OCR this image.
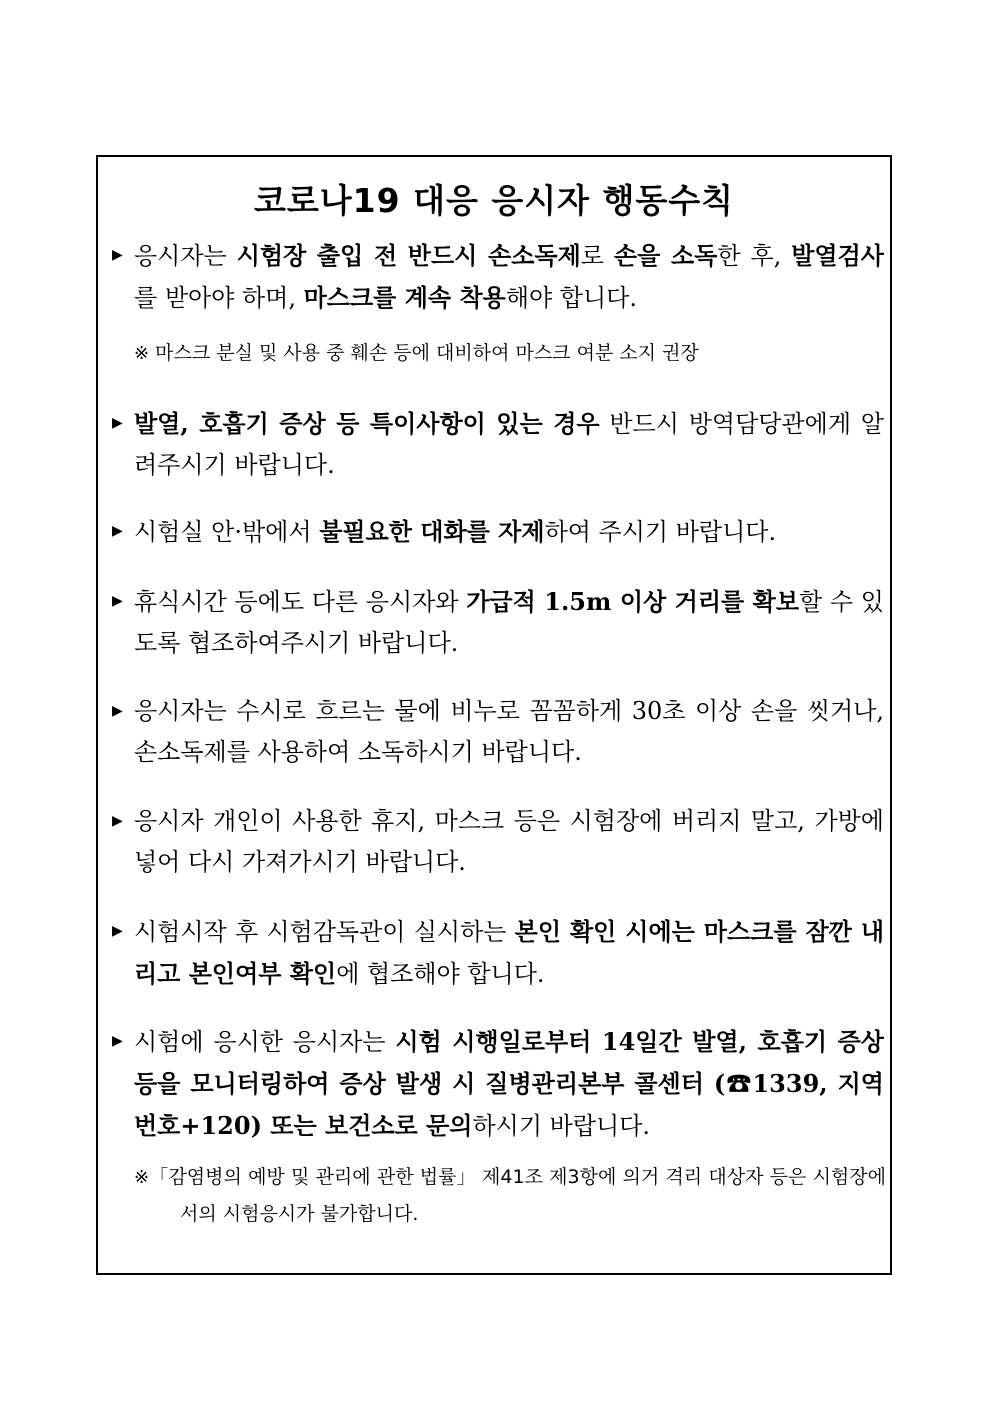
코로나19 대응 응시자 행동수칙
▶ 응시자는 시험장 출입 전 반드시 손소독제로 손을 소독한 후, 발열검사를 받아야 하며, 마스크를 계속 착용해야 합니다.
※ 마스크 분실 및 사용 중 훼손 등에 대비하여 마스크 여분 소지 권장
▶ 발열, 호흡기 증상 등 특이사항이 있는 경우 반드시 방역담당관에게 알려주시기 바랍니다.
▶ 시험실 안·밖에서 불필요한 대화를 자제하여 주시기 바랍니다.
▶ 휴식시간 등에도 다른 응시자와 가급적 1.5m 이상 거리를 확보할 수 있도록 협조하여주시기 바랍니다.
▶ 응시자는 수시로 흐르는 물에 비누로 꼼꼼하게 30초 이상 손을 씻거나, 손소독제를 사용하여 소독하시기 바랍니다.
▶ 응시자 개인이 사용한 휴지, 마스크 등은 시험장에 버리지 말고, 가방에 넣어 다시 가져가시기 바랍니다.
▶ 시험시작 후 시험감독관이 실시하는 본인 확인 시에는 마스크를 잠깐 내리고 본인여부 확인에 협조해야 합니다.
▶ 시험에 응시한 응시자는 시험 시행일로부터 14일간 발열, 호흡기 증상 등을 모니터링하여 증상 발생 시 질병관리본부 콜센터 (☎1339, 지역번호+120) 또는 보건소로 문의하시기 바랍니다.
※「감염병의 예방 및 관리에 관한 법률」 제41조 제3항에 의거 격리 대상자 등은 시험장에서의 시험응시가 불가합니다.
